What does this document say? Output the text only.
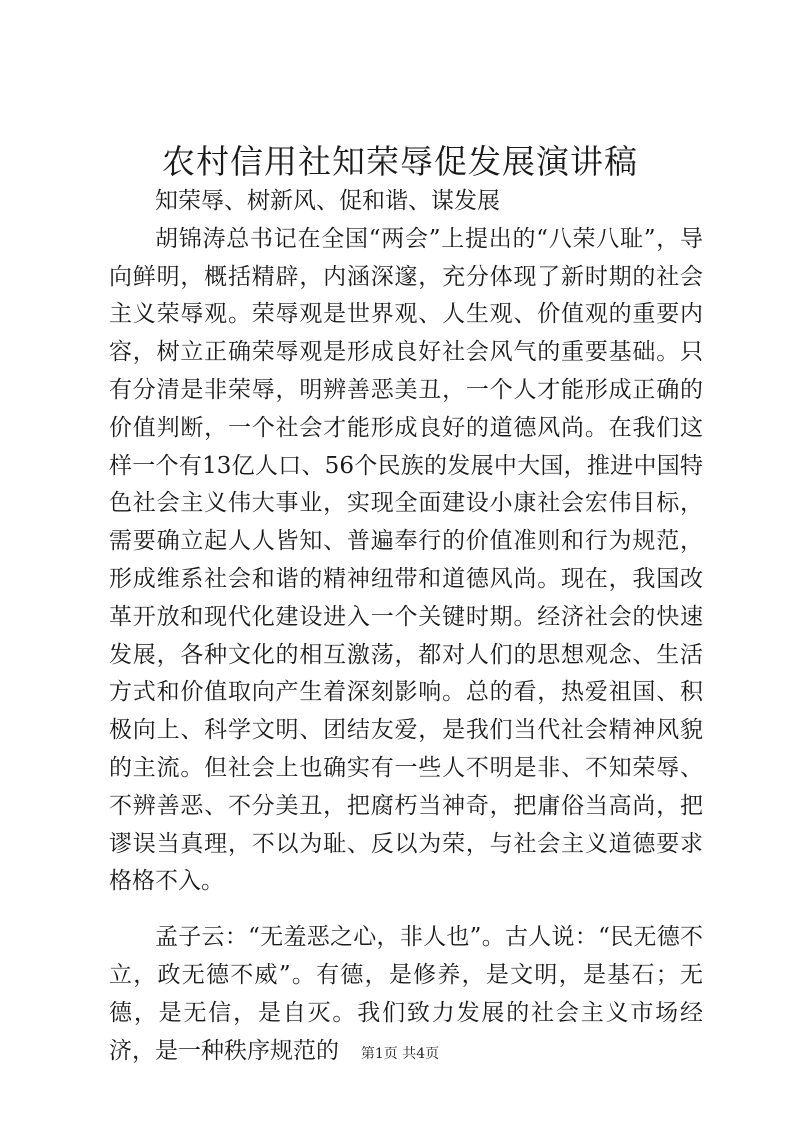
农村信用社知荣辱促发展演讲稿

知荣辱、树新风、促和谐、谋发展

胡锦涛总书记在全国“两会”上提出的“八荣八耻”，导向鲜明，概括精辟，内涵深邃，充分体现了新时期的社会主义荣辱观。荣辱观是世界观、人生观、价值观的重要内容，树立正确荣辱观是形成良好社会风气的重要基础。只有分清是非荣辱，明辨善恶美丑，一个人才能形成正确的价值判断，一个社会才能形成良好的道德风尚。在我们这样一个有13亿人口、56个民族的发展中大国，推进中国特色社会主义伟大事业，实现全面建设小康社会宏伟目标，需要确立起人人皆知、普遍奉行的价值准则和行为规范，形成维系社会和谐的精神纽带和道德风尚。现在，我国改革开放和现代化建设进入一个关键时期。经济社会的快速发展，各种文化的相互激荡，都对人们的思想观念、生活方式和价值取向产生着深刻影响。总的看，热爱祖国、积极向上、科学文明、团结友爱，是我们当代社会精神风貌的主流。但社会上也确实有一些人不明是非、不知荣辱、不辨善恶、不分美丑，把腐朽当神奇，把庸俗当高尚，把谬误当真理，不以为耻、反以为荣，与社会主义道德要求格格不入。

孟子云：“无羞恶之心，非人也”。古人说：“民无德不立，政无德不威”。有德，是修养，是文明，是基石；无德，是无信，是自灭。我们致力发展的社会主义市场经济，是一种秩序规范的	第1页 共4页
